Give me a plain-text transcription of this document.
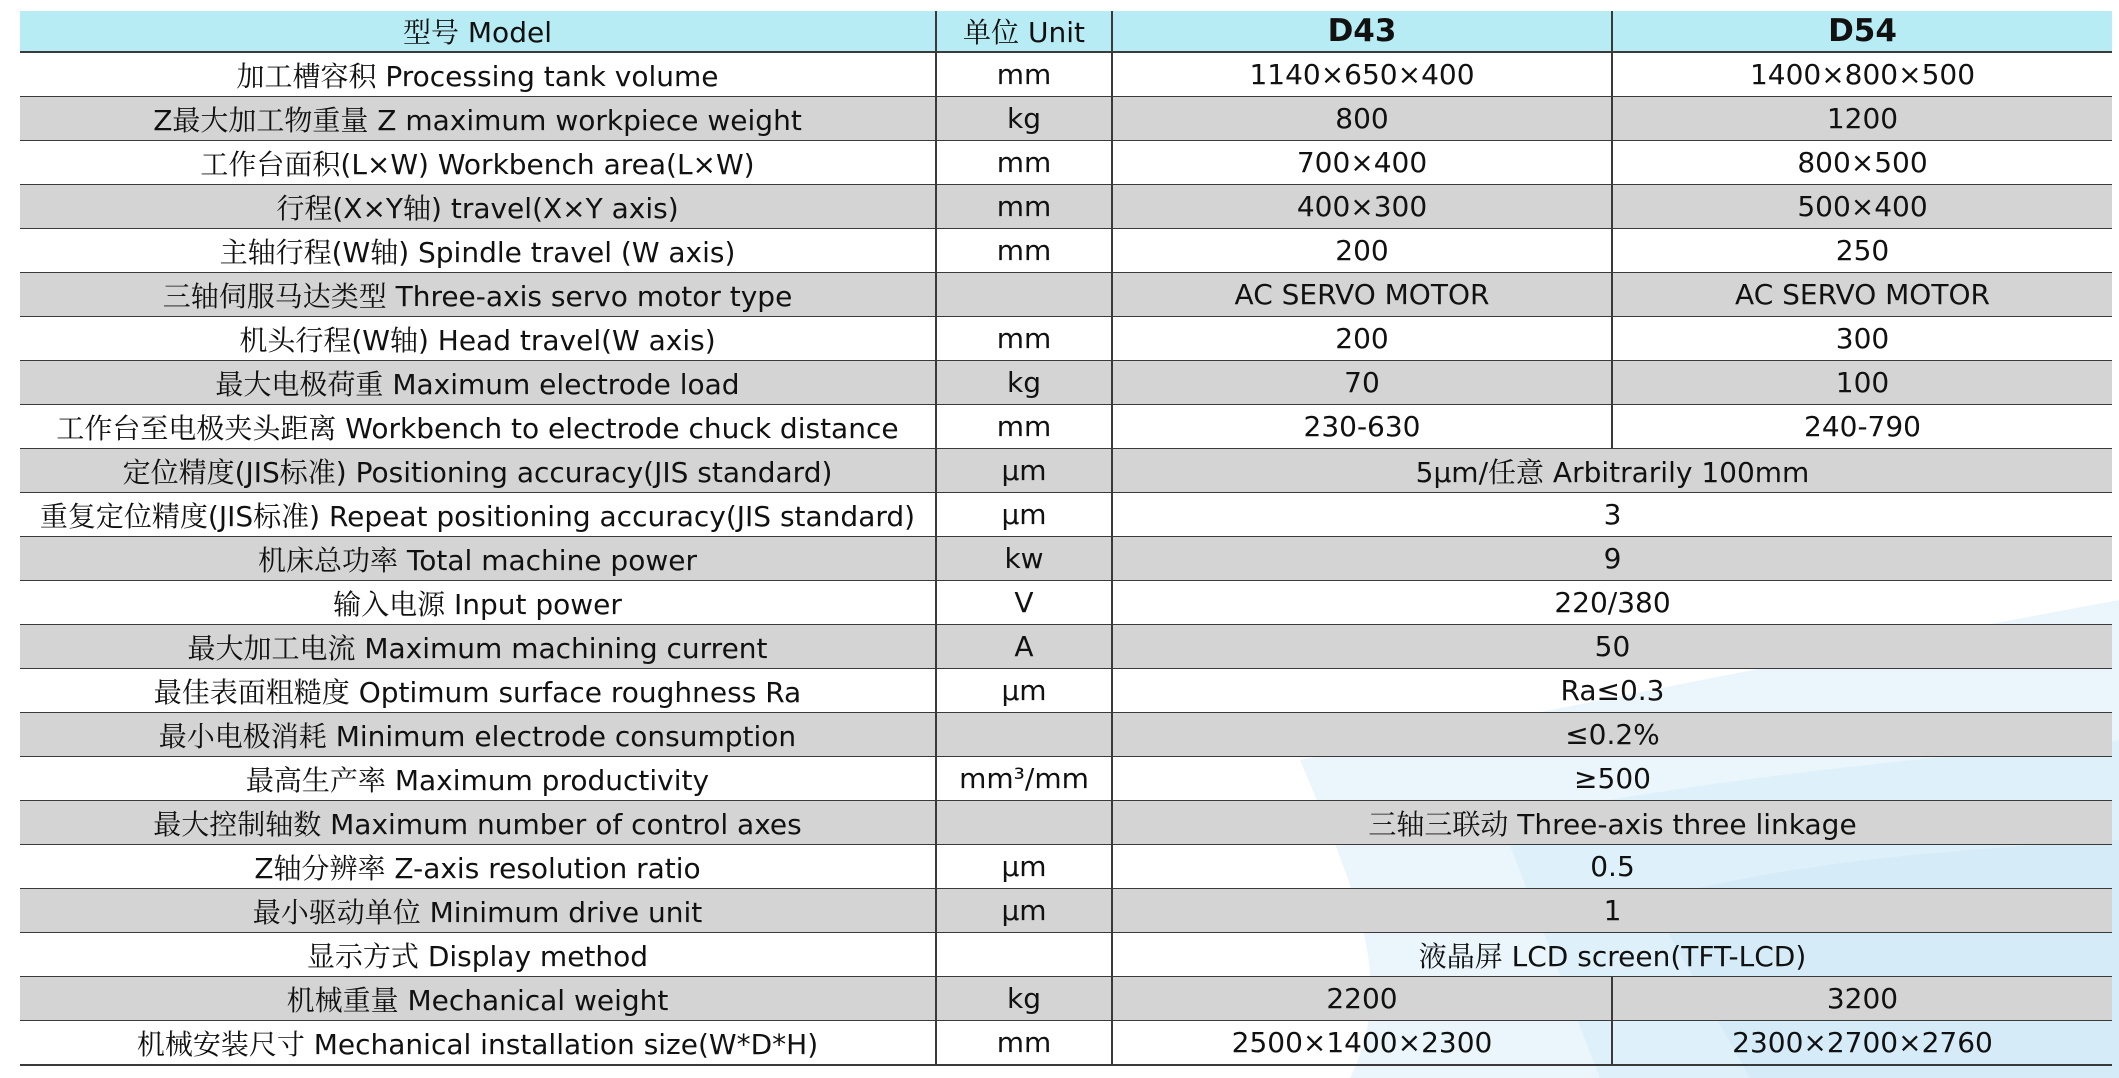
型号 Model	单位 Unit	D43	D54
加工槽容积 Processing tank volume	mm	1140×650×400	1400×800×500
Z最大加工物重量 Z maximum workpiece weight	kg	800	1200
工作台面积(L×W) Workbench area(L×W)	mm	700×400	800×500
行程(X×Y轴) travel(X×Y axis)	mm	400×300	500×400
主轴行程(W轴) Spindle travel (W axis)	mm	200	250
三轴伺服马达类型 Three-axis servo motor type		AC SERVO MOTOR	AC SERVO MOTOR
机头行程(W轴) Head travel(W axis)	mm	200	300
最大电极荷重 Maximum electrode load	kg	70	100
工作台至电极夹头距离 Workbench to electrode chuck distance	mm	230-630	240-790
定位精度(JIS标准) Positioning accuracy(JIS standard)	μm	5μm/任意 Arbitrarily 100mm	
重复定位精度(JIS标准) Repeat positioning accuracy(JIS standard)	μm	3	
机床总功率 Total machine power	kw	9	
输入电源 Input power	V	220/380	
最大加工电流 Maximum machining current	A	50	
最佳表面粗糙度 Optimum surface roughness Ra	μm	Ra≤0.3	
最小电极消耗 Minimum electrode consumption		≤0.2%	
最高生产率 Maximum productivity	mm³/mm	≥500	
最大控制轴数 Maximum number of control axes		三轴三联动 Three-axis three linkage	
Z轴分辨率 Z-axis resolution ratio	μm	0.5	
最小驱动单位 Minimum drive unit	μm	1	
显示方式 Display method		液晶屏 LCD screen(TFT-LCD)	
机械重量 Mechanical weight	kg	2200	3200
机械安装尺寸 Mechanical installation size(W*D*H)	mm	2500×1400×2300	2300×2700×2760
